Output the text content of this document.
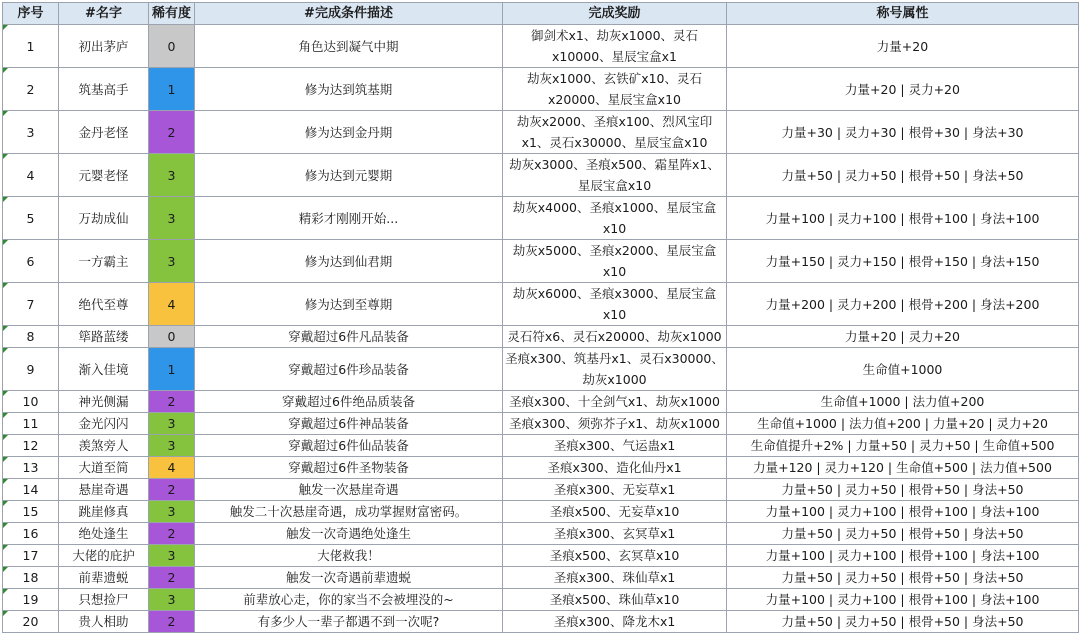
序号	#名字	稀有度	#完成条件描述	完成奖励	称号属性
1	初出茅庐	0	角色达到凝气中期	御剑术x1、劫灰x1000、灵石x10000、星辰宝盒x1	力量+20
2	筑基高手	1	修为达到筑基期	劫灰x1000、玄铁矿x10、灵石x20000、星辰宝盒x10	力量+20 | 灵力+20
3	金丹老怪	2	修为达到金丹期	劫灰x2000、圣痕x100、烈风宝印x1、灵石x30000、星辰宝盒x10	力量+30 | 灵力+30 | 根骨+30 | 身法+30
4	元婴老怪	3	修为达到元婴期	劫灰x3000、圣痕x500、霜星阵x1、星辰宝盒x10	力量+50 | 灵力+50 | 根骨+50 | 身法+50
5	万劫成仙	3	精彩才刚刚开始...	劫灰x4000、圣痕x1000、星辰宝盒x10	力量+100 | 灵力+100 | 根骨+100 | 身法+100
6	一方霸主	3	修为达到仙君期	劫灰x5000、圣痕x2000、星辰宝盒x10	力量+150 | 灵力+150 | 根骨+150 | 身法+150
7	绝代至尊	4	修为达到至尊期	劫灰x6000、圣痕x3000、星辰宝盒x10	力量+200 | 灵力+200 | 根骨+200 | 身法+200
8	筚路蓝缕	0	穿戴超过6件凡品装备	灵石符x6、灵石x20000、劫灰x1000	力量+20 | 灵力+20
9	渐入佳境	1	穿戴超过6件珍品装备	圣痕x300、筑基丹x1、灵石x30000、劫灰x1000	生命值+1000
10	神光侧漏	2	穿戴超过6件绝品质装备	圣痕x300、十全剑气x1、劫灰x1000	生命值+1000 | 法力值+200
11	金光闪闪	3	穿戴超过6件神品装备	圣痕x300、须弥芥子x1、劫灰x1000	生命值+1000 | 法力值+200 | 力量+20 | 灵力+20
12	羡煞旁人	3	穿戴超过6件仙品装备	圣痕x300、气运蛊x1	生命值提升+2% | 力量+50 | 灵力+50 | 生命值+500
13	大道至简	4	穿戴超过6件圣物装备	圣痕x300、造化仙丹x1	力量+120 | 灵力+120 | 生命值+500 | 法力值+500
14	悬崖奇遇	2	触发一次悬崖奇遇	圣痕x300、无妄草x1	力量+50 | 灵力+50 | 根骨+50 | 身法+50
15	跳崖修真	3	触发二十次悬崖奇遇，成功掌握财富密码。	圣痕x500、无妄草x10	力量+100 | 灵力+100 | 根骨+100 | 身法+100
16	绝处逢生	2	触发一次奇遇绝处逢生	圣痕x300、玄冥草x1	力量+50 | 灵力+50 | 根骨+50 | 身法+50
17	大佬的庇护	3	大佬救我！	圣痕x500、玄冥草x10	力量+100 | 灵力+100 | 根骨+100 | 身法+100
18	前辈遗蜕	2	触发一次奇遇前辈遗蜕	圣痕x300、珠仙草x1	力量+50 | 灵力+50 | 根骨+50 | 身法+50
19	只想捡尸	3	前辈放心走，你的家当不会被埋没的~	圣痕x500、珠仙草x10	力量+100 | 灵力+100 | 根骨+100 | 身法+100
20	贵人相助	2	有多少人一辈子都遇不到一次呢?	圣痕x300、降龙木x1	力量+50 | 灵力+50 | 根骨+50 | 身法+50
